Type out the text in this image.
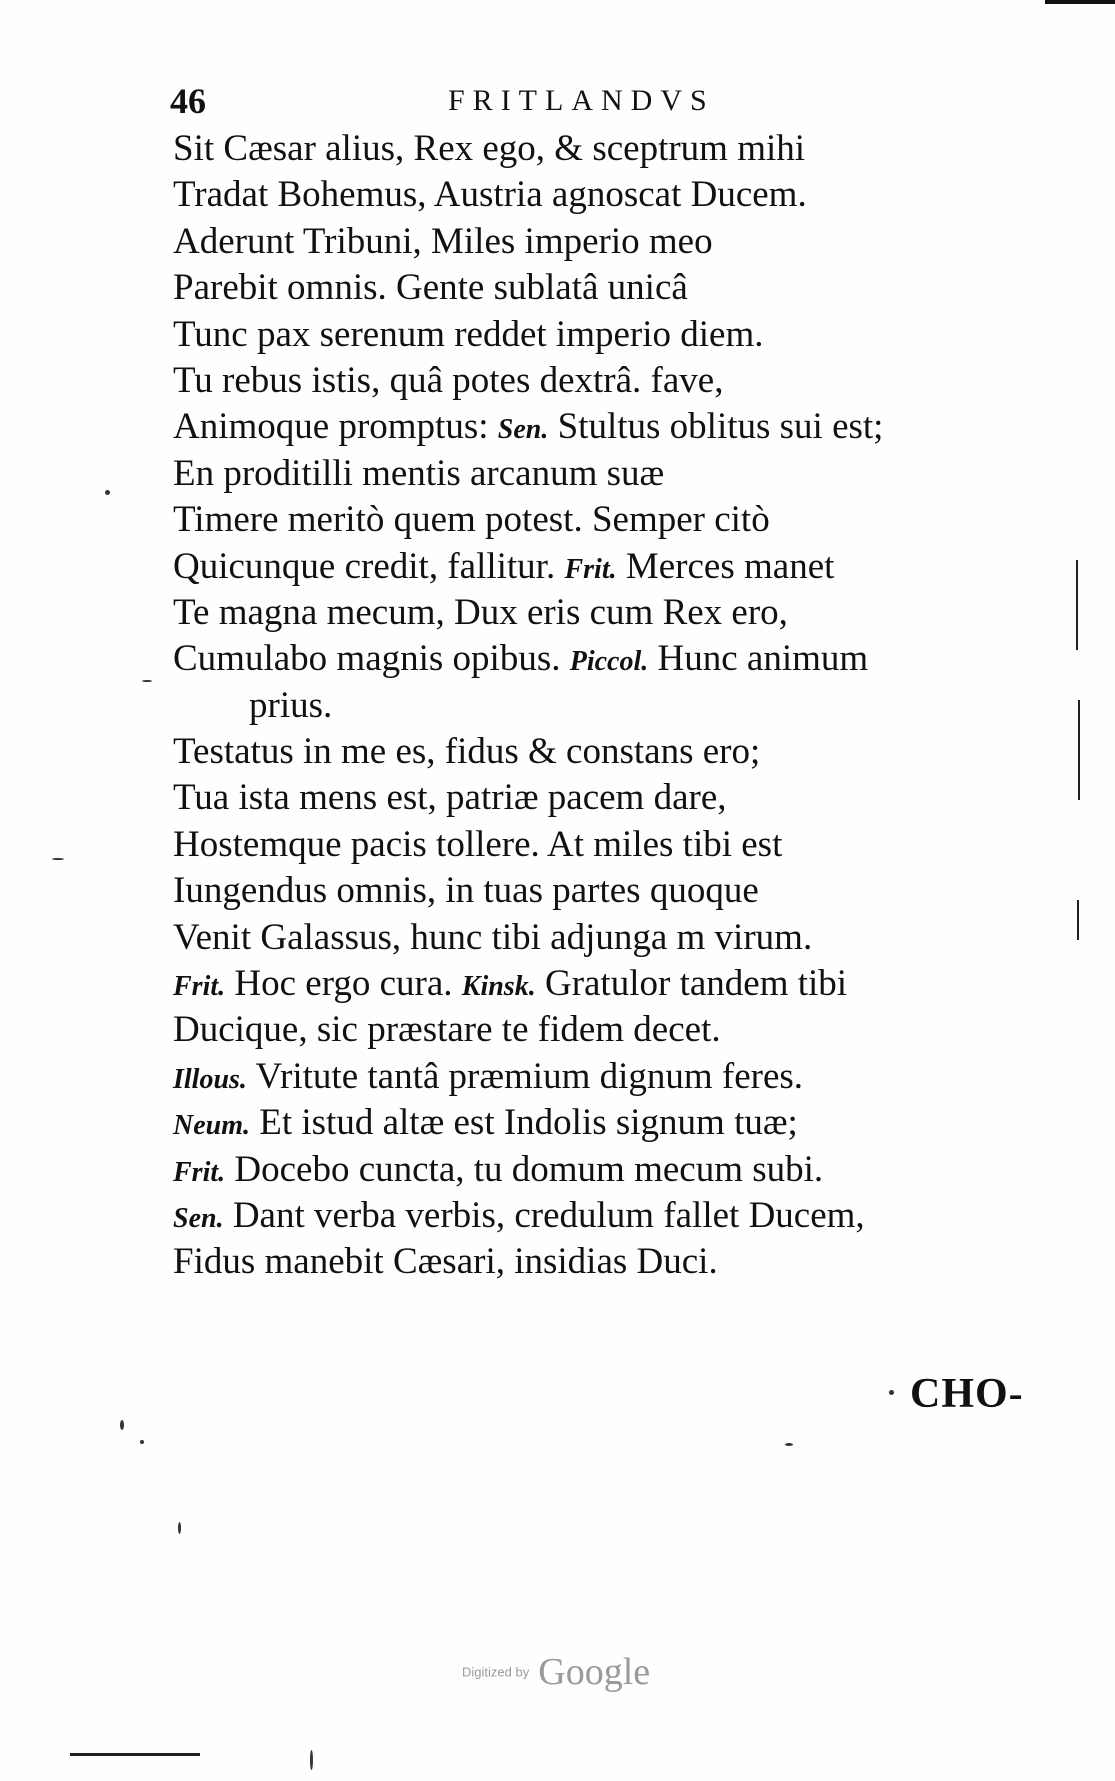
46	FRITLANDVS
Sit Cæsar alius, Rex ego, & sceptrum mihi
Tradat Bohemus, Austria agnoscat Ducem.
Aderunt Tribuni, Miles imperio meo
Parebit omnis. Gente sublatâ unicâ
Tunc pax serenum reddet imperio diem.
Tu rebus istis, quâ potes dextrâ. fave,
Animoque promptus: Sen. Stultus oblitus sui est;
En proditilli mentis arcanum suæ
Timere meritò quem potest. Semper citò
Quicunque credit, fallitur. Frit. Merces manet
Te magna mecum, Dux eris cum Rex ero,
Cumulabo magnis opibus. Piccol. Hunc animum
prius.
Testatus in me es, fidus & constans ero;
Tua ista mens est, patriæ pacem dare,
Hostemque pacis tollere. At miles tibi est
Iungendus omnis, in tuas partes quoque
Venit Galassus, hunc tibi adjunga m virum.
Frit. Hoc ergo cura. Kinsk. Gratulor tandem tibi
Ducique, sic præstare te fidem decet.
Illous. Vritute tantâ præmium dignum feres.
Neum. Et istud altæ est Indolis signum tuæ;
Frit. Docebo cuncta, tu domum mecum subi.
Sen. Dant verba verbis, credulum fallet Ducem,
Fidus manebit Cæsari, insidias Duci.
CHO-
Digitized by Google
